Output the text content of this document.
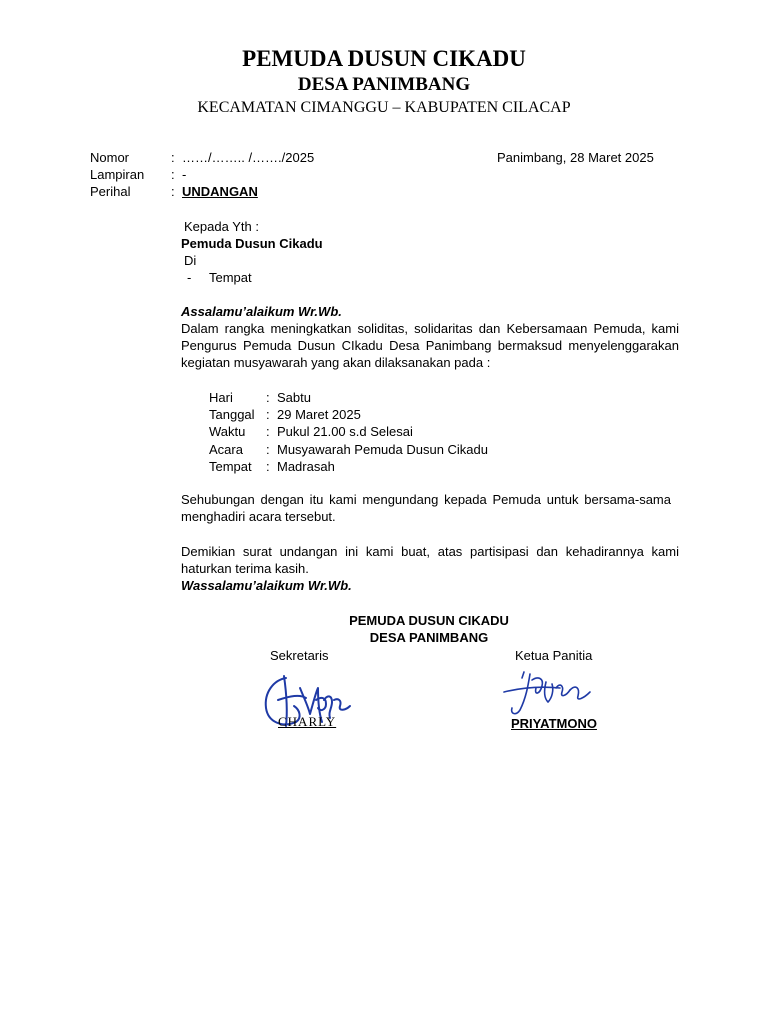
PEMUDA DUSUN CIKADU
DESA PANIMBANG
KECAMATAN CIMANGGU – KABUPATEN CILACAP
Nomor	: ……/…….. /……./2025	Panimbang, 28 Maret 2025
Lampiran : -
Perihal	: UNDANGAN
Kepada Yth :
Pemuda Dusun Cikadu
Di
- Tempat
Assalamu’alaikum Wr.Wb.
Dalam rangka meningkatkan soliditas, solidaritas dan Kebersamaan Pemuda, kami Pengurus Pemuda Dusun CIkadu Desa Panimbang bermaksud menyelenggarakan kegiatan musyawarah yang akan dilaksanakan pada :
Hari	: Sabtu
Tanggal : 29 Maret 2025
Waktu : Pukul 21.00 s.d Selesai
Acara : Musyawarah Pemuda Dusun Cikadu
Tempat : Madrasah
Sehubungan dengan itu kami mengundang kepada Pemuda untuk bersama-sama menghadiri acara tersebut.
Demikian surat undangan ini kami buat, atas partisipasi dan kehadirannya kami haturkan terima kasih.
Wassalamu’alaikum Wr.Wb.
PEMUDA DUSUN CIKADU
DESA PANIMBANG
Sekretaris	Ketua Panitia
CHARLY	PRIYATMONO
